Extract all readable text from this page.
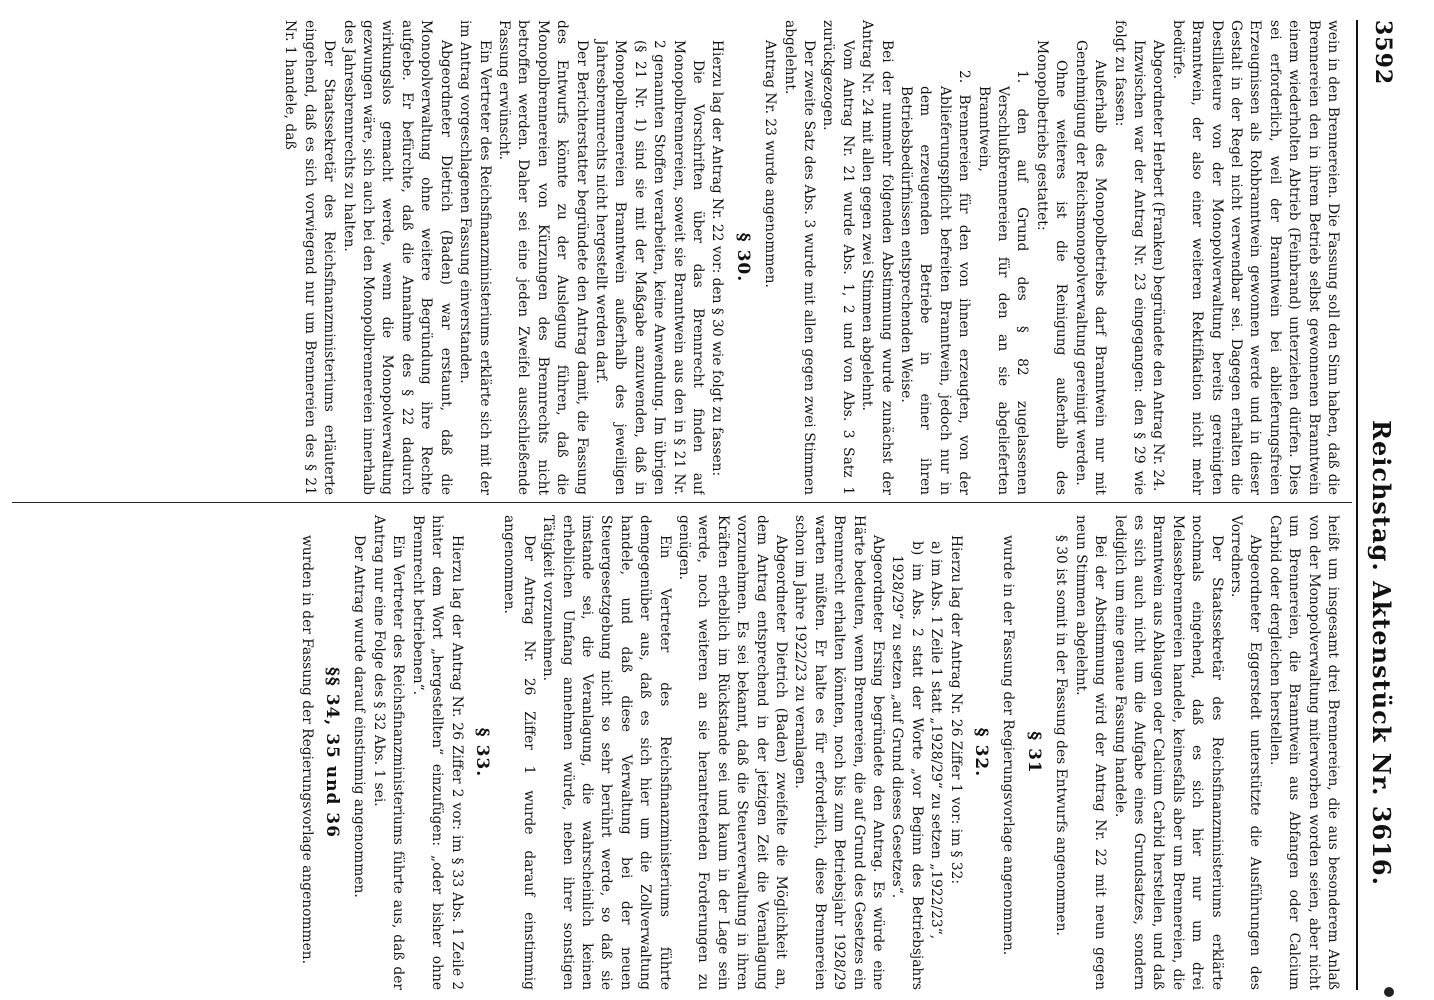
3592
Reichstag. Aktenstück Nr. 3616.

wein in den Brennereien. Die Fassung soll den Sinn haben, daß die Brennereien den in ihrem Betrieb selbst gewonnenen Branntwein einem wiederholten Abtrieb (Feinbrand) unterziehen dürfen. Dies sei erforderlich, weil der Branntwein bei ablieferungsfreien Erzeugnissen als Rohbranntwein gewonnen werde und in dieser Gestalt in der Regel nicht verwendbar sei. Dagegen erhalten die Destillateure von der Monopolverwaltung bereits gereinigten Branntwein, der also einer weiteren Rektifikation nicht mehr bedürfe.

Abgeordneter Herbert (Franken) begründete den Antrag Nr. 24.

Inzwischen war der Antrag Nr. 23 eingegangen: den § 29 wie folgt zu fassen:

Außerhalb des Monopolbetriebs darf Branntwein nur mit Genehmigung der Reichsmonopolverwaltung gereinigt werden.

Ohne weiteres ist die Reinigung außerhalb des Monopolbetriebs gestattet:

1. den auf Grund des § 82 zugelassenen Verschlußbrennereien für den an sie abgelieferten Branntwein,

2. Brennereien für den von ihnen erzeugten, von der Ablieferungspflicht befreiten Branntwein, jedoch nur in dem erzeugenden Betriebe in einer ihren Betriebsbedürfnissen entsprechenden Weise.

Bei der nunmehr folgenden Abstimmung wurde zunächst der Antrag Nr. 24 mit allen gegen zwei Stimmen abgelehnt.

Vom Antrag Nr. 21 wurde Abs. 1, 2 und von Abs. 3 Satz 1 zurückgezogen.

Der zweite Satz des Abs. 3 wurde mit allen gegen zwei Stimmen abgelehnt.

Antrag Nr. 23 wurde angenommen.

§ 30.

Hierzu lag der Antrag Nr. 22 vor: den § 30 wie folgt zu fassen:

Die Vorschriften über das Brennrecht finden auf Monopolbrennereien, soweit sie Branntwein aus den in § 21 Nr. 2 genannten Stoffen verarbeiten, keine Anwendung. Im übrigen (§ 21 Nr. 1) sind sie mit der Maßgabe anzuwenden, daß in Monopolbrennereien Branntwein außerhalb des jeweiligen Jahresbrennrechts nicht hergestellt werden darf.

Der Berichterstatter begründete den Antrag damit, die Fassung des Entwurfs könnte zu der Auslegung führen, daß die Monopolbrennereien von Kürzungen des Brennrechts nicht betroffen werden. Daher sei eine jeden Zweifel ausschließende Fassung erwünscht.

Ein Vertreter des Reichsfinanzministeriums erklärte sich mit der im Antrag vorgeschlagenen Fassung einverstanden.

Abgeordneter Dietrich (Baden) war erstaunt, daß die Monopolverwaltung ohne weitere Begründung ihre Rechte aufgebe. Er befürchte, daß die Annahme des § 22 dadurch wirkungslos gemacht werde, wenn die Monopolverwaltung gezwungen wäre, sich auch bei den Monopolbrennereien innerhalb des Jahresbrennrechts zu halten.

Der Staatssekretär des Reichsfinanzministeriums erläuterte eingehend, daß es sich vorwiegend nur um Brennereien des § 21 Nr. 1 handele, daß

heißt um insgesamt drei Brennereien, die aus besonderem Anlaß von der Monopolverwaltung miterworben worden seien, aber nicht um Brennereien, die Branntwein aus Abfangen oder Calcium Carbid oder dergleichen herstellen.

Abgeordneter Eggerstedt unterstützte die Ausführungen des Vorredners.

Der Staatssekretär des Reichsfinanzministeriums erklärte nochmals eingehend, daß es sich hier nur um drei Melassebrennereien handele, keinesfalls aber um Brennereien, die Branntwein aus Ablaugen oder Calcium Carbid herstellen, und daß es sich auch nicht um die Aufgabe eines Grundsatzes, sondern lediglich um eine genaue Fassung handele.

Bei der Abstimmung wird der Antrag Nr. 22 mit neun gegen neun Stimmen abgelehnt.

§ 30 ist somit in der Fassung des Entwurfs angenommen.

§ 31

wurde in der Fassung der Regierungsvorlage angenommen.

§ 32.

Hierzu lag der Antrag Nr. 26 Ziffer 1 vor: im § 32:

a) im Abs. 1 Zeile 1 statt „1928/29“ zu setzen „1922/23“,

b) im Abs. 2 statt der Worte „vor Beginn des Betriebsjahrs 1928/29“ zu setzen „auf Grund dieses Gesetzes“.

Abgeordneter Ersing begründete den Antrag. Es würde eine Härte bedeuten, wenn Brennereien, die auf Grund des Gesetzes ein Brennrecht erhalten könnten, noch bis zum Betriebsjahr 1928/29 warten müßten. Er halte es für erforderlich, diese Brennereien schon im Jahre 1922/23 zu veranlagen.

Abgeordneter Dietrich (Baden) zweifelte die Möglichkeit an, dem Antrag entsprechend in der jetzigen Zeit die Veranlagung vorzunehmen. Es sei bekannt, daß die Steuerverwaltung in ihren Kräften erheblich im Rückstande sei und kaum in der Lage sein werde, noch weiteren an sie herantretenden Forderungen zu genügen.

Ein Vertreter des Reichsfinanzministeriums führte demgegenüber aus, daß es sich hier um die Zollverwaltung handele, und daß diese Verwaltung bei der neuen Steuergesetzgebung nicht so sehr berührt werde, so daß sie imstande sei, die Veranlagung, die wahrscheinlich keinen erheblichen Umfang annehmen würde, neben ihrer sonstigen Tätigkeit vorzunehmen.

Der Antrag Nr. 26 Ziffer 1 wurde darauf einstimmig angenommen.

§ 33.

Hierzu lag der Antrag Nr. 26 Ziffer 2 vor: im § 33 Abs. 1 Zeile 2 hinter dem Wort „hergestellten“ einzufügen: „oder bisher ohne Brennrecht betriebenen“.

Ein Vertreter des Reichsfinanzministeriums führte aus, daß der Antrag nur eine Folge des § 32 Abs. 1 sei.

Der Antrag wurde darauf einstimmig angenommen.

§§ 34, 35 und 36

wurden in der Fassung der Regierungsvorlage angenommen.
